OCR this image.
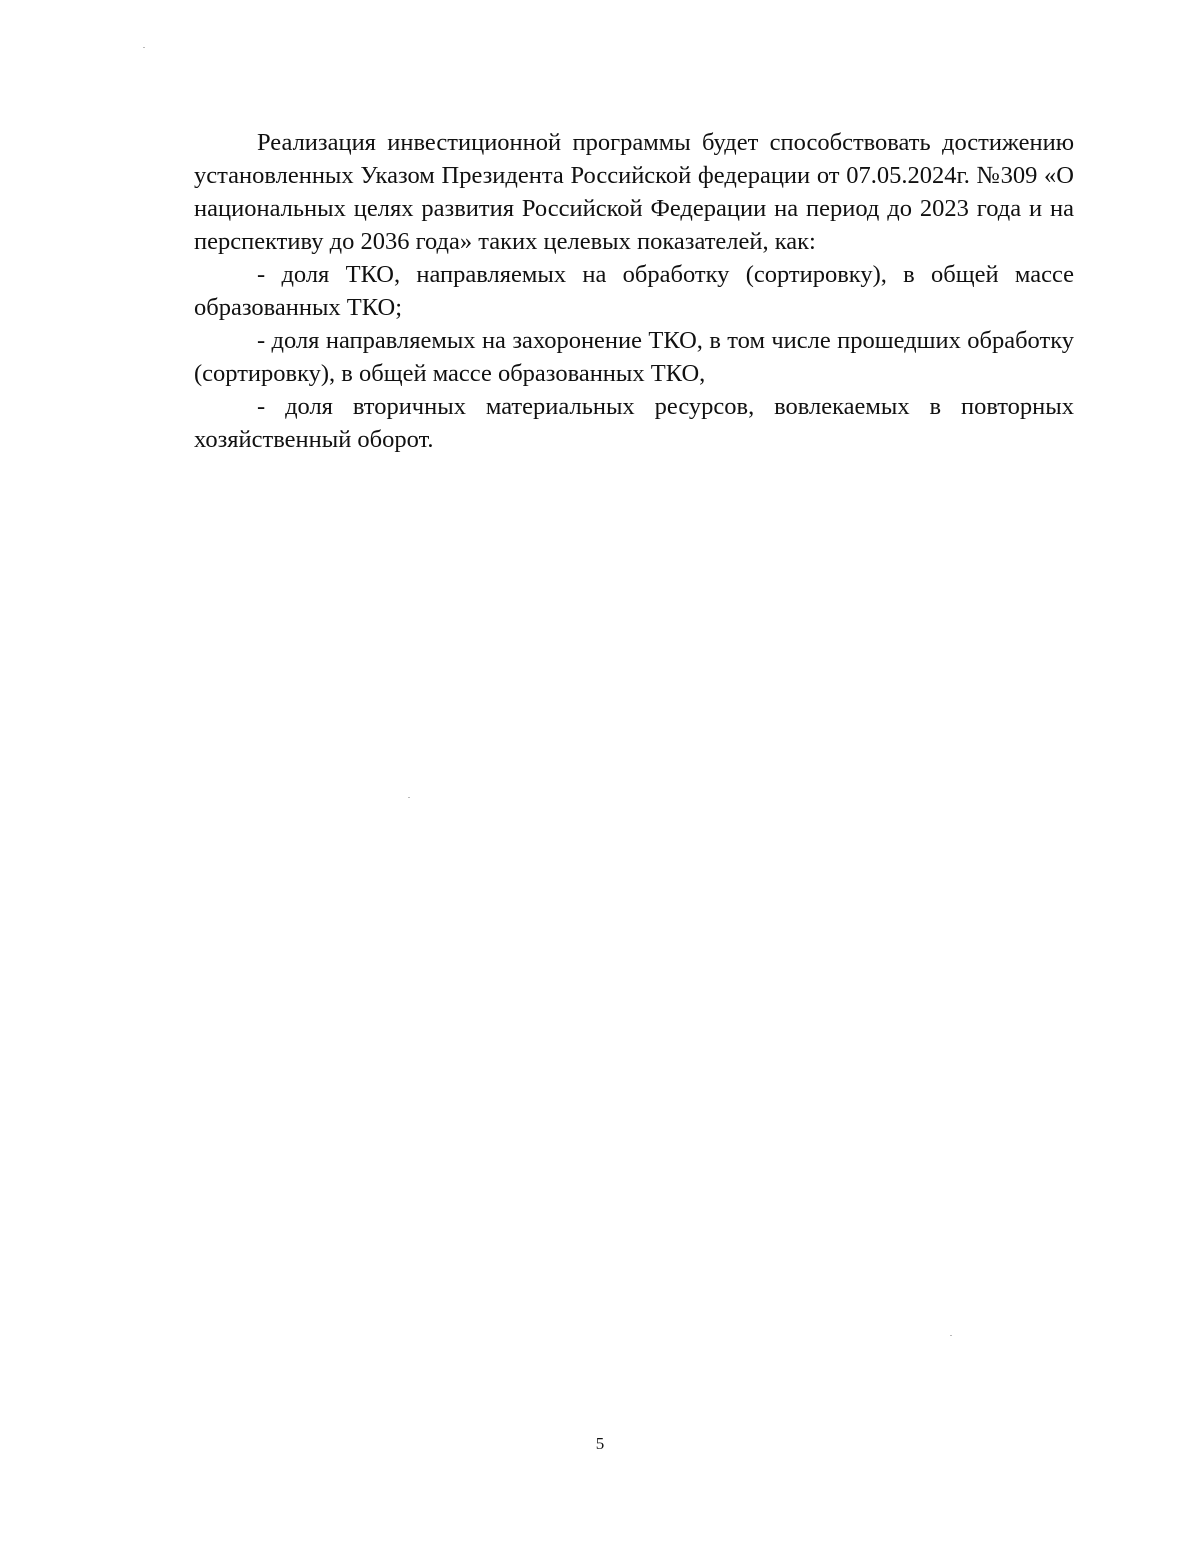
Реализация инвестиционной программы будет способствовать достижению установленных Указом Президента Российской федерации от 07.05.2024г. №309 «О национальных целях развития Российской Федерации на период до 2023 года и на перспективу до 2036 года» таких целевых показателей, как:

- доля ТКО, направляемых на обработку (сортировку), в общей массе образованных ТКО;

- доля направляемых на захоронение ТКО, в том числе прошедших обработку (сортировку), в общей массе образованных ТКО,

- доля вторичных материальных ресурсов, вовлекаемых в повторных хозяйственный оборот.

5
